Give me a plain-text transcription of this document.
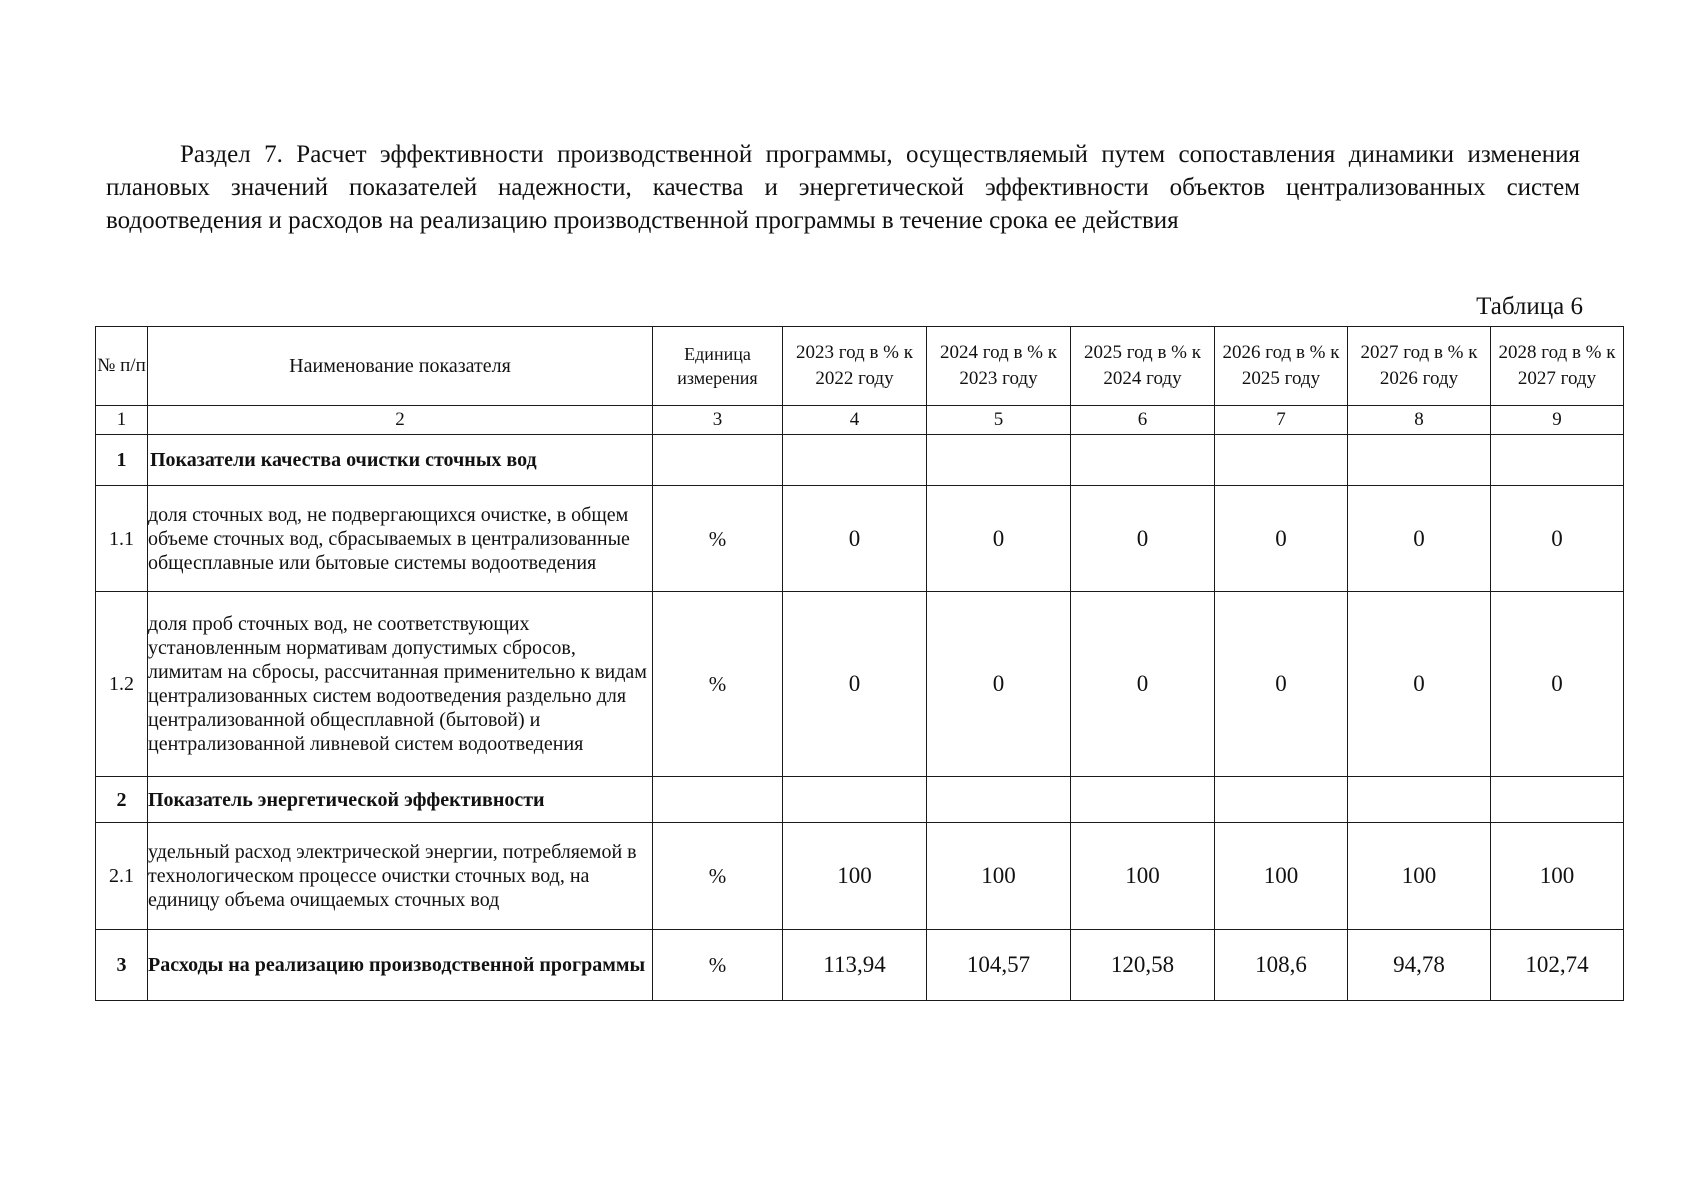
Раздел 7. Расчет эффективности производственной программы, осуществляемый путем сопоставления динамики изменения плановых значений показателей надежности, качества и энергетической эффективности объектов централизованных систем водоотведения и расходов на реализацию производственной программы в течение срока ее действия

Таблица 6
№ п/п	Наименование показателя	Единица измерения	2023 год в % к 2022 году	2024 год в % к 2023 году	2025 год в % к 2024 году	2026 год в % к 2025 году	2027 год в % к 2026 году	2028 год в % к 2027 году
1	2	3	4	5	6	7	8	9
1	Показатели качества очистки сточных вод							
1.1	доля сточных вод, не подвергающихся очистке, в общем объеме сточных вод, сбрасываемых в централизованные общесплавные или бытовые системы водоотведения	%	0	0	0	0	0	0
1.2	доля проб сточных вод, не соответствующих установленным нормативам допустимых сбросов, лимитам на сбросы, рассчитанная применительно к видам централизованных систем водоотведения раздельно для централизованной общесплавной (бытовой) и централизованной ливневой систем водоотведения	%	0	0	0	0	0	0
2	Показатель энергетической эффективности							
2.1	удельный расход электрической энергии, потребляемой в технологическом процессе очистки сточных вод, на единицу объема очищаемых сточных вод	%	100	100	100	100	100	100
3	Расходы на реализацию производственной программы	%	113,94	104,57	120,58	108,6	94,78	102,74
